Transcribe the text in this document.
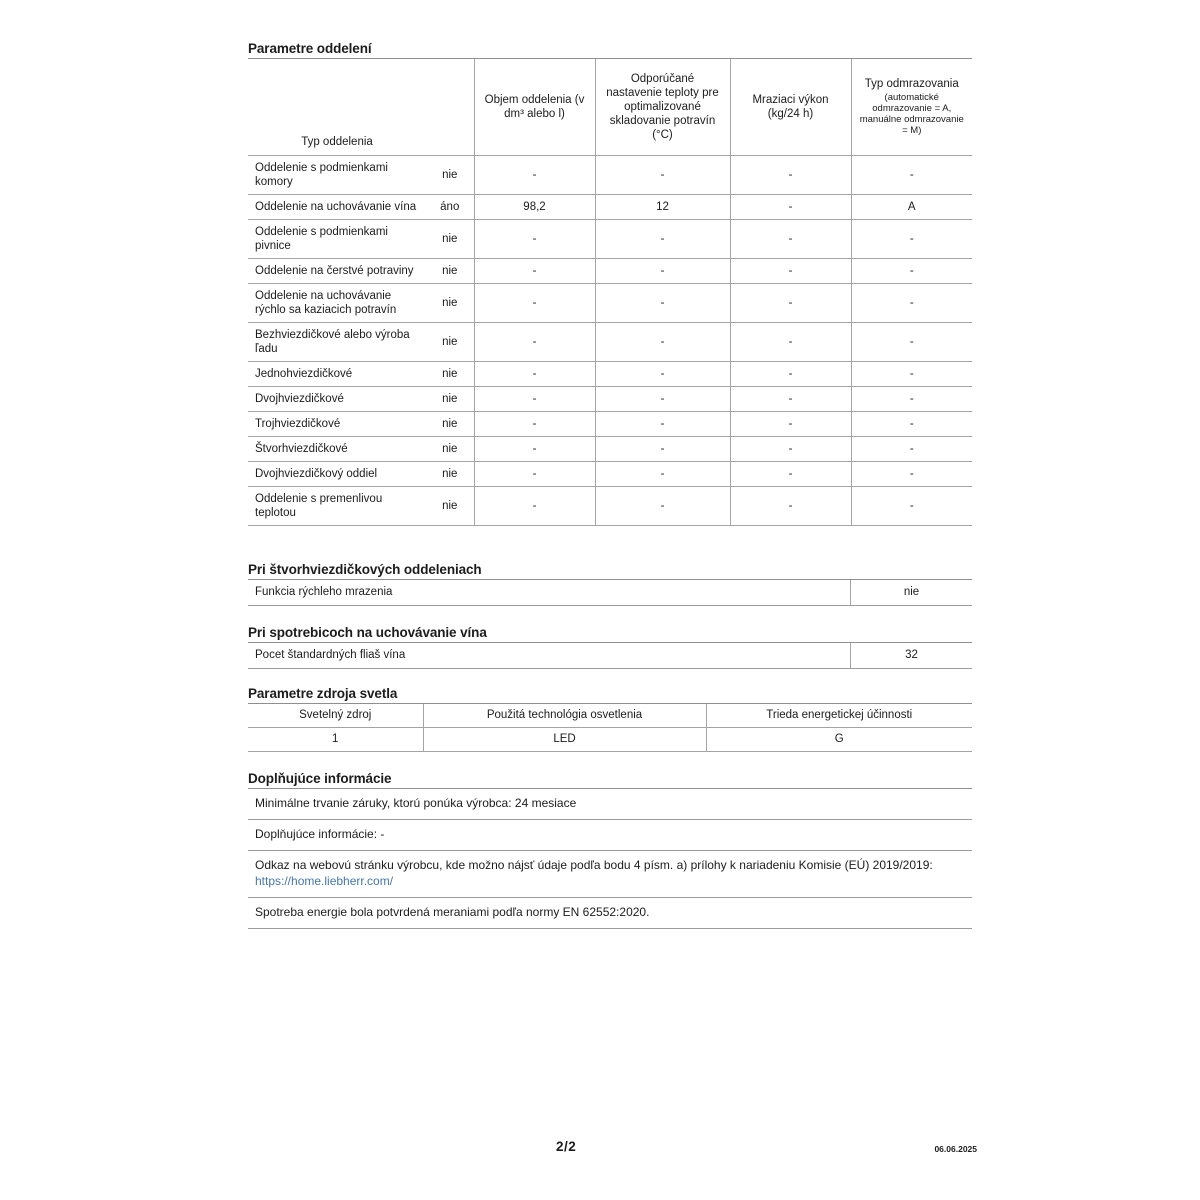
Parametre oddelení
Typ oddelenia		Objem oddelenia (v dm³ alebo l)	Odporúčané nastavenie teploty pre optimalizované skladovanie potravín (°C)	Mraziaci výkon (kg/24 h)	Typ odmrazovania
(automatické odmrazovanie = A, manuálne odmrazovanie = M)

Oddelenie s podmienkami komory	nie	-	-	-	-
Oddelenie na uchovávanie vína	áno	98,2	12	-	A
Oddelenie s podmienkami pivnice	nie	-	-	-	-
Oddelenie na čerstvé potraviny	nie	-	-	-	-
Oddelenie na uchovávanie rýchlo sa kaziacich potravín	nie	-	-	-	-
Bezhviezdičkové alebo výroba ľadu	nie	-	-	-	-
Jednohviezdičkové	nie	-	-	-	-
Dvojhviezdičkové	nie	-	-	-	-
Trojhviezdičkové	nie	-	-	-	-
Štvorhviezdičkové	nie	-	-	-	-
Dvojhviezdičkový oddiel	nie	-	-	-	-
Oddelenie s premenlivou teplotou	nie	-	-	-	-
Pri štvorhviezdičkových oddeleniach
Funkcia rýchleho mrazenia	nie
Pri spotrebicoch na uchovávanie vína
Pocet štandardných fliaš vína	32
Parametre zdroja svetla
Svetelný zdroj	Použitá technológia osvetlenia	Trieda energetickej účinnosti
1	LED	G
Doplňujúce informácie
Minimálne trvanie záruky, ktorú ponúka výrobca: 24 mesiace
Doplňujúce informácie: -
Odkaz na webovú stránku výrobcu, kde možno nájsť údaje podľa bodu 4 písm. a) prílohy k nariadeniu Komisie (EÚ) 2019/2019: https://home.liebherr.com/
Spotreba energie bola potvrdená meraniami podľa normy EN 62552:2020.
2/2	06.06.2025
